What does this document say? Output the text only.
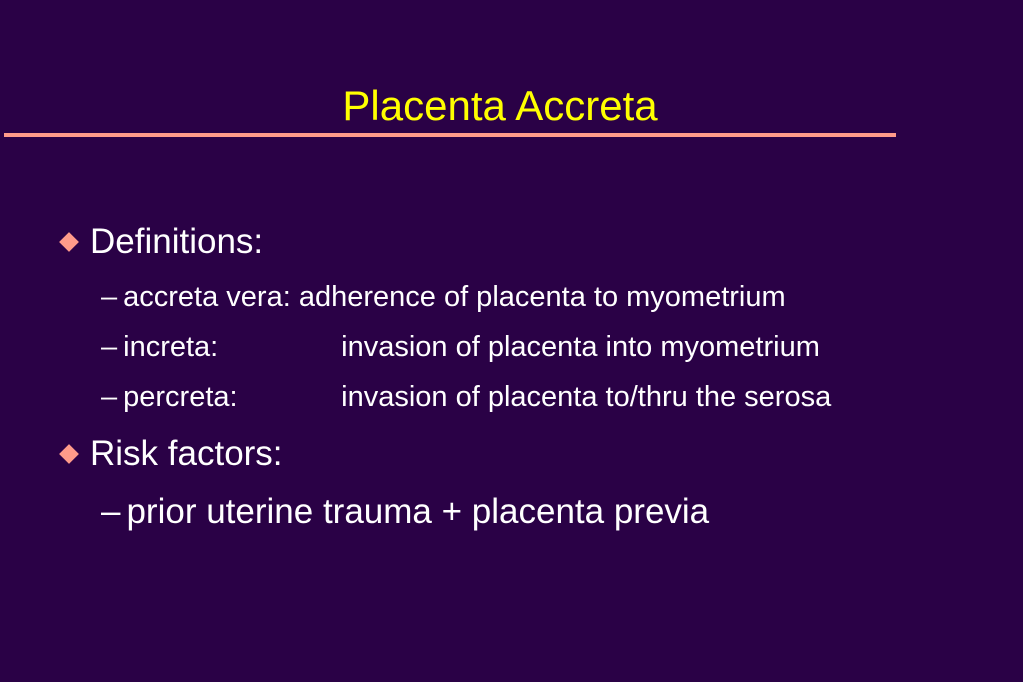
Placenta Accreta
Definitions:
– accreta vera: adherence of placenta to myometrium
– increta:	invasion of placenta into myometrium
– percreta:	invasion of placenta to/thru the serosa
Risk factors:
– prior uterine trauma + placenta previa
